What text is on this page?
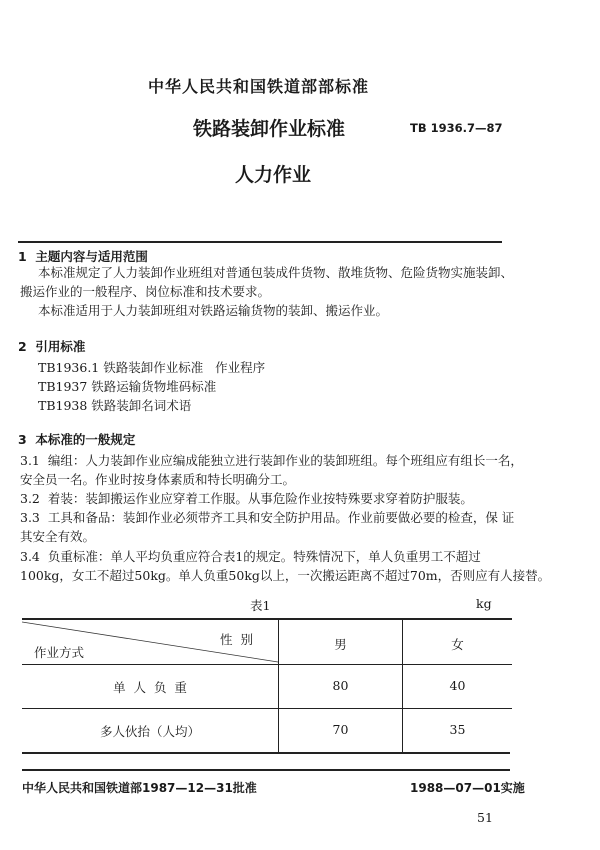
中华人民共和国铁道部部标准
铁路装卸作业标准	TB 1936.7—87
人力作业
1  主题内容与适用范围
本标准规定了人力装卸作业班组对普通包装成件货物、散堆货物、危险货物实施装卸、
搬运作业的一般程序、岗位标准和技术要求。
本标准适用于人力装卸班组对铁路运输货物的装卸、搬运作业。
2  引用标准
TB1936.1 铁路装卸作业标准   作业程序
TB1937 铁路运输货物堆码标准
TB1938 铁路装卸名词术语
3  本标准的一般规定
3.1  编组：人力装卸作业应编成能独立进行装卸作业的装卸班组。每个班组应有组长一名，
安全员一名。作业时按身体素质和特长明确分工。
3.2  着装：装卸搬运作业应穿着工作服。从事危险作业按特殊要求穿着防护服装。
3.3  工具和备品：装卸作业必须带齐工具和安全防护用品。作业前要做必要的检查，保 证
其安全有效。
3.4  负重标准：单人平均负重应符合表1的规定。特殊情况下，单人负重男工不超过
100kg，女工不超过50kg。单人负重50kg以上，一次搬运距离不超过70m，否则应有人接替。
表1	kg
性  别
作业方式
男	女
单  人  负  重	80	40
多人伙抬（人均）	70	35
中华人民共和国铁道部1987—12—31批准	1988—07—01实施
51
